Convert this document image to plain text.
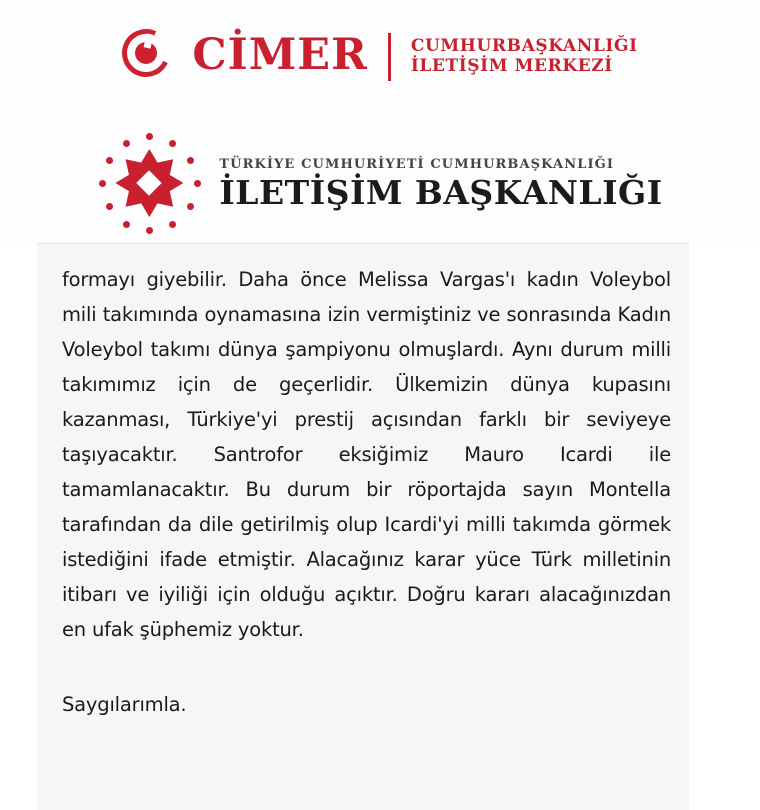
CİMER	CUMHURBAŞKANLIĞI
İLETİŞİM MERKEZİ
TÜRKİYE CUMHURİYETİ CUMHURBAŞKANLIĞI
İLETİŞİM BAŞKANLIĞI

formayı giyebilir. Daha önce Melissa Vargas'ı kadın Voleybol mili takımında oynamasına izin vermiştiniz ve sonrasında Kadın Voleybol takımı dünya şampiyonu olmuşlardı. Aynı durum milli takımımız için de geçerlidir. Ülkemizin dünya kupasını kazanması, Türkiye'yi prestij açısından farklı bir seviyeye taşıyacaktır. Santrofor eksiğimiz Mauro Icardi ile tamamlanacaktır. Bu durum bir röportajda sayın Montella tarafından da dile getirilmiş olup Icardi'yi milli takımda görmek istediğini ifade etmiştir. Alacağınız karar yüce Türk milletinin itibarı ve iyiliği için olduğu açıktır. Doğru kararı alacağınızdan en ufak şüphemiz yoktur.

Saygılarımla.
